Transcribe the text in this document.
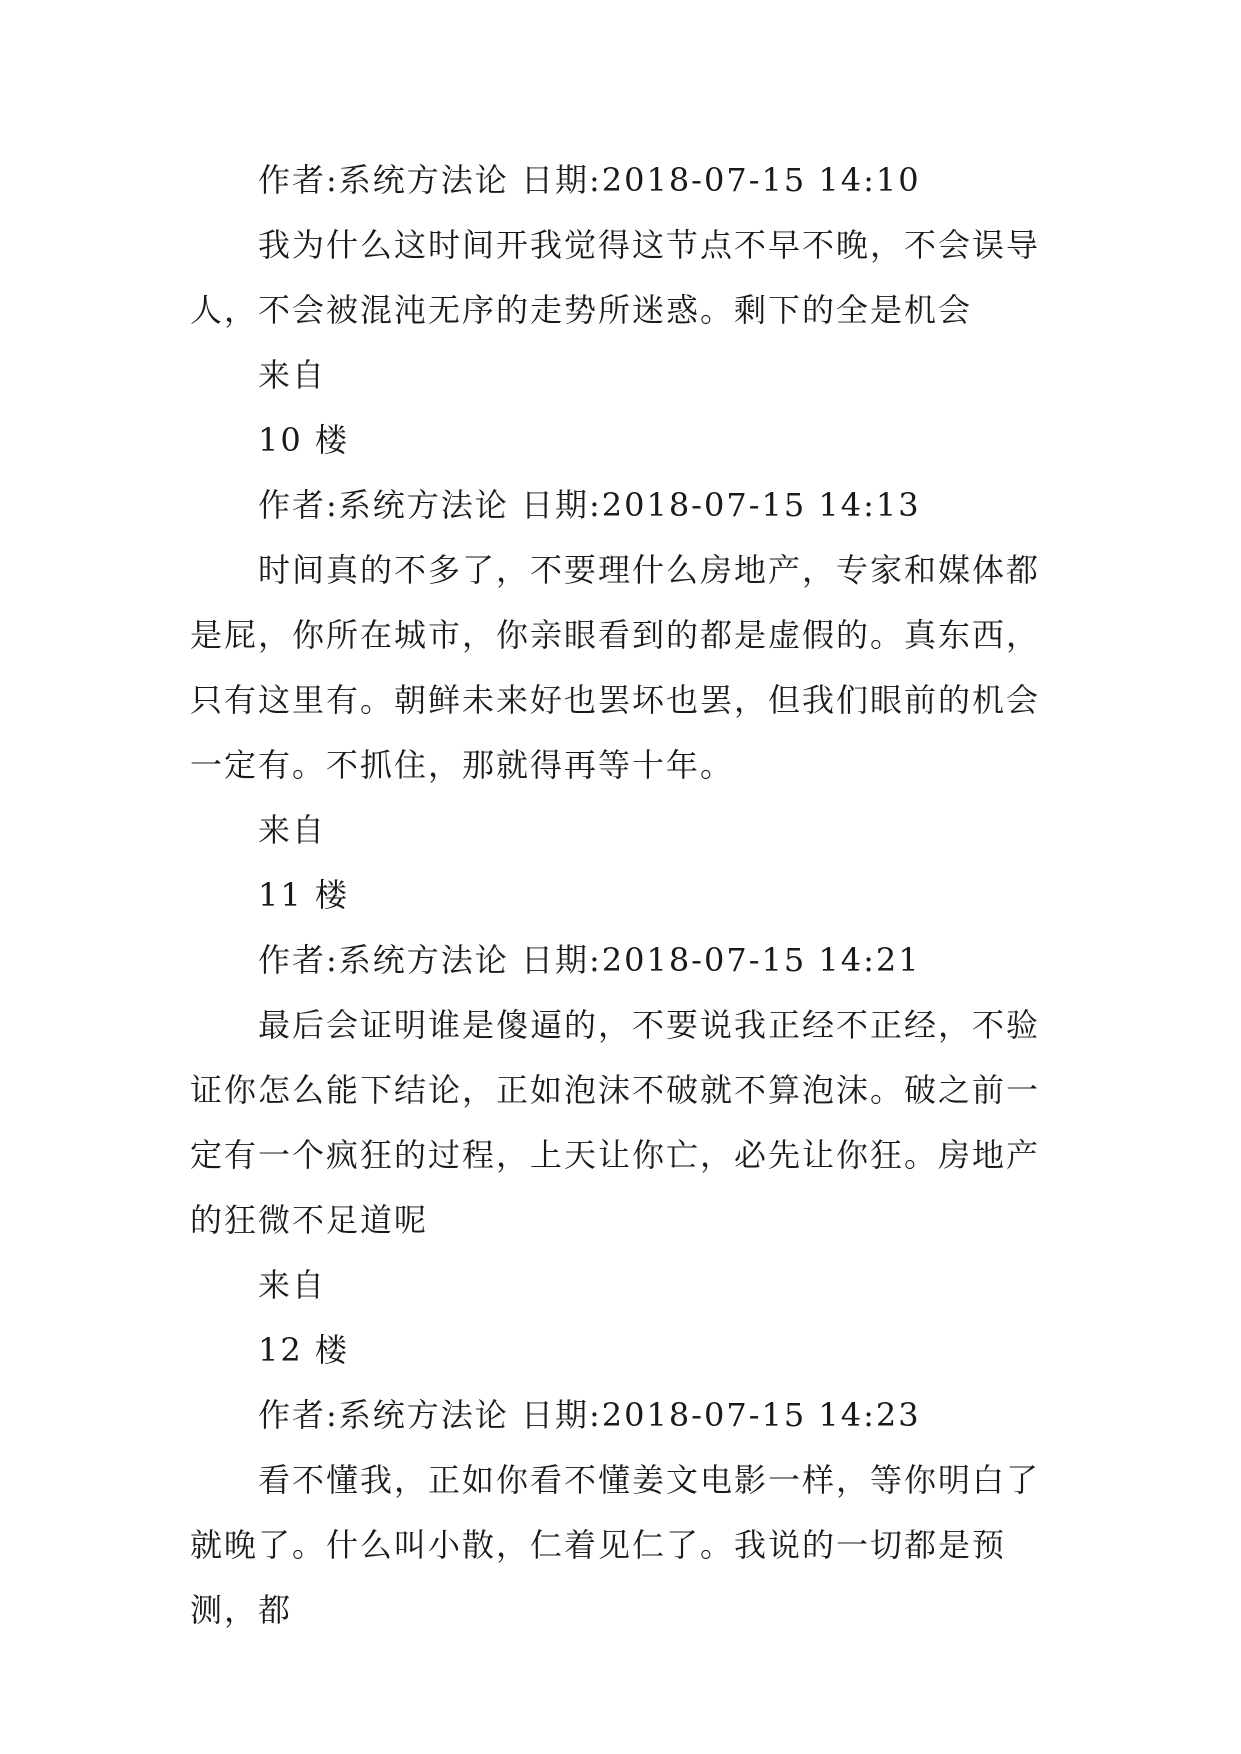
作者:系统方法论 日期:2018-07-15 14:10

我为什么这时间开我觉得这节点不早不晚，不会误导人，不会被混沌无序的走势所迷惑。剩下的全是机会

来自

10 楼

作者:系统方法论 日期:2018-07-15 14:13

时间真的不多了，不要理什么房地产，专家和媒体都是屁，你所在城市，你亲眼看到的都是虚假的。真东西，只有这里有。朝鲜未来好也罢坏也罢，但我们眼前的机会一定有。不抓住，那就得再等十年。

来自

11 楼

作者:系统方法论 日期:2018-07-15 14:21

最后会证明谁是傻逼的，不要说我正经不正经，不验证你怎么能下结论，正如泡沫不破就不算泡沫。破之前一定有一个疯狂的过程，上天让你亡，必先让你狂。房地产的狂微不足道呢

来自

12 楼

作者:系统方法论 日期:2018-07-15 14:23

看不懂我，正如你看不懂姜文电影一样，等你明白了就晚了。什么叫小散，仁着见仁了。我说的一切都是预测，都
